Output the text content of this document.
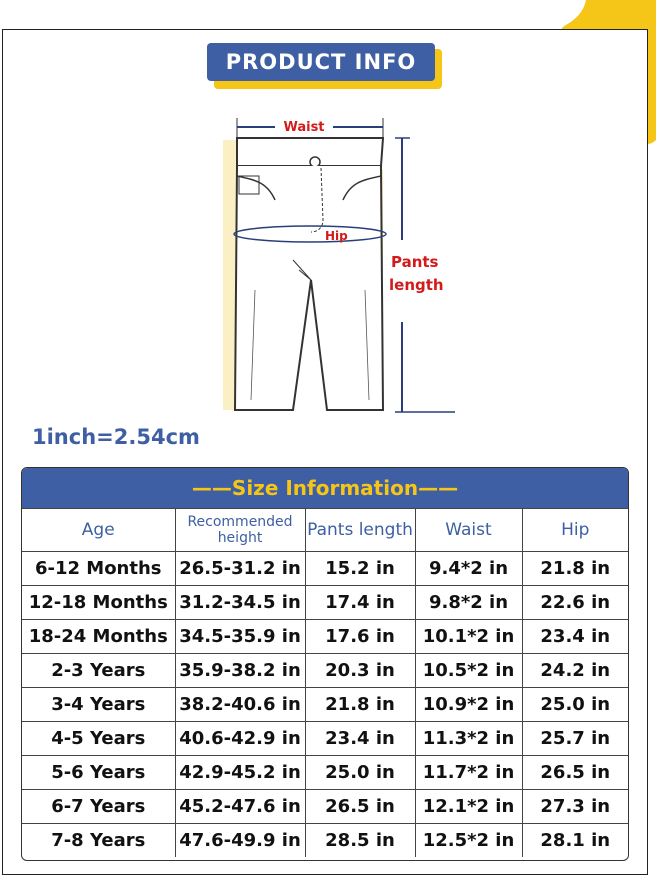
PRODUCT INFO
Waist
Hip
Pants
length
1inch=2.54cm
——Size Information——
Age	Recommended height	Pants length	Waist	Hip
6-12 Months	26.5-31.2 in	15.2 in	9.4*2 in	21.8 in
12-18 Months	31.2-34.5 in	17.4 in	9.8*2 in	22.6 in
18-24 Months	34.5-35.9 in	17.6 in	10.1*2 in	23.4 in
2-3 Years	35.9-38.2 in	20.3 in	10.5*2 in	24.2 in
3-4 Years	38.2-40.6 in	21.8 in	10.9*2 in	25.0 in
4-5 Years	40.6-42.9 in	23.4 in	11.3*2 in	25.7 in
5-6 Years	42.9-45.2 in	25.0 in	11.7*2 in	26.5 in
6-7 Years	45.2-47.6 in	26.5 in	12.1*2 in	27.3 in
7-8 Years	47.6-49.9 in	28.5 in	12.5*2 in	28.1 in
